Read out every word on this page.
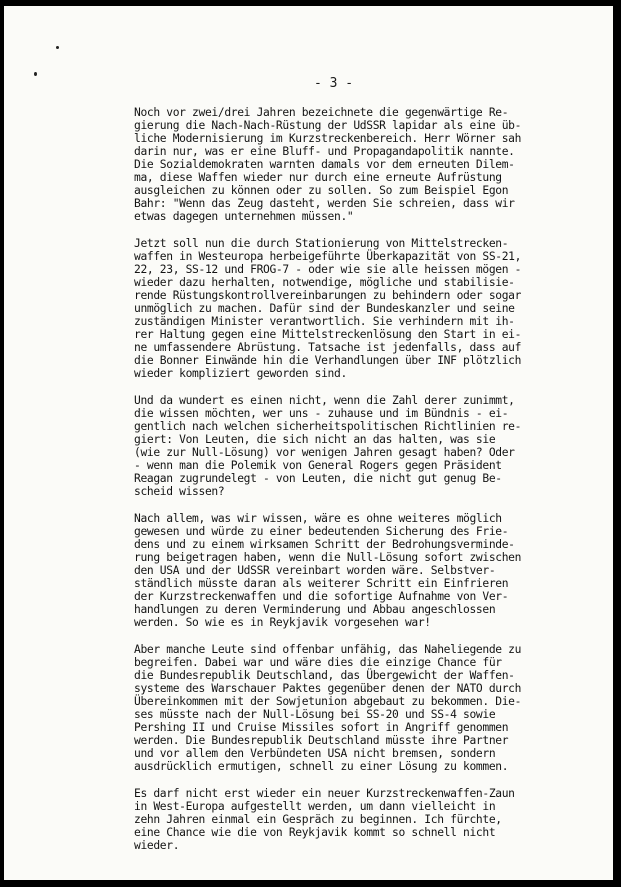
- 3 -
Noch vor zwei/drei Jahren bezeichnete die gegenwärtige Re-
gierung die Nach-Nach-Rüstung der UdSSR lapidar als eine üb-
liche Modernisierung im Kurzstreckenbereich. Herr Wörner sah
darin nur, was er eine Bluff- und Propagandapolitik nannte.
Die Sozialdemokraten warnten damals vor dem erneuten Dilem-
ma, diese Waffen wieder nur durch eine erneute Aufrüstung
ausgleichen zu können oder zu sollen. So zum Beispiel Egon
Bahr: "Wenn das Zeug dasteht, werden Sie schreien, dass wir
etwas dagegen unternehmen müssen."
Jetzt soll nun die durch Stationierung von Mittelstrecken-
waffen in Westeuropa herbeigeführte Überkapazität von SS-21,
22, 23, SS-12 und FROG-7 - oder wie sie alle heissen mögen -
wieder dazu herhalten, notwendige, mögliche und stabilisie-
rende Rüstungskontrollvereinbarungen zu behindern oder sogar
unmöglich zu machen. Dafür sind der Bundeskanzler und seine
zuständigen Minister verantwortlich. Sie verhindern mit ih-
rer Haltung gegen eine Mittelstreckenlösung den Start in ei-
ne umfassendere Abrüstung. Tatsache ist jedenfalls, dass auf
die Bonner Einwände hin die Verhandlungen über INF plötzlich
wieder kompliziert geworden sind.
Und da wundert es einen nicht, wenn die Zahl derer zunimmt,
die wissen möchten, wer uns - zuhause und im Bündnis - ei-
gentlich nach welchen sicherheitspolitischen Richtlinien re-
giert: Von Leuten, die sich nicht an das halten, was sie
(wie zur Null-Lösung) vor wenigen Jahren gesagt haben? Oder
- wenn man die Polemik von General Rogers gegen Präsident
Reagan zugrundelegt - von Leuten, die nicht gut genug Be-
scheid wissen?
Nach allem, was wir wissen, wäre es ohne weiteres möglich
gewesen und würde zu einer bedeutenden Sicherung des Frie-
dens und zu einem wirksamen Schritt der Bedrohungsverminde-
rung beigetragen haben, wenn die Null-Lösung sofort zwischen
den USA und der UdSSR vereinbart worden wäre. Selbstver-
ständlich müsste daran als weiterer Schritt ein Einfrieren
der Kurzstreckenwaffen und die sofortige Aufnahme von Ver-
handlungen zu deren Verminderung und Abbau angeschlossen
werden. So wie es in Reykjavik vorgesehen war!
Aber manche Leute sind offenbar unfähig, das Naheliegende zu
begreifen. Dabei war und wäre dies die einzige Chance für
die Bundesrepublik Deutschland, das Übergewicht der Waffen-
systeme des Warschauer Paktes gegenüber denen der NATO durch
Übereinkommen mit der Sowjetunion abgebaut zu bekommen. Die-
ses müsste nach der Null-Lösung bei SS-20 und SS-4 sowie
Pershing II und Cruise Missiles sofort in Angriff genommen
werden. Die Bundesrepublik Deutschland müsste ihre Partner
und vor allem den Verbündeten USA nicht bremsen, sondern
ausdrücklich ermutigen, schnell zu einer Lösung zu kommen.
Es darf nicht erst wieder ein neuer Kurzstreckenwaffen-Zaun
in West-Europa aufgestellt werden, um dann vielleicht in
zehn Jahren einmal ein Gespräch zu beginnen. Ich fürchte,
eine Chance wie die von Reykjavik kommt so schnell nicht
wieder.
